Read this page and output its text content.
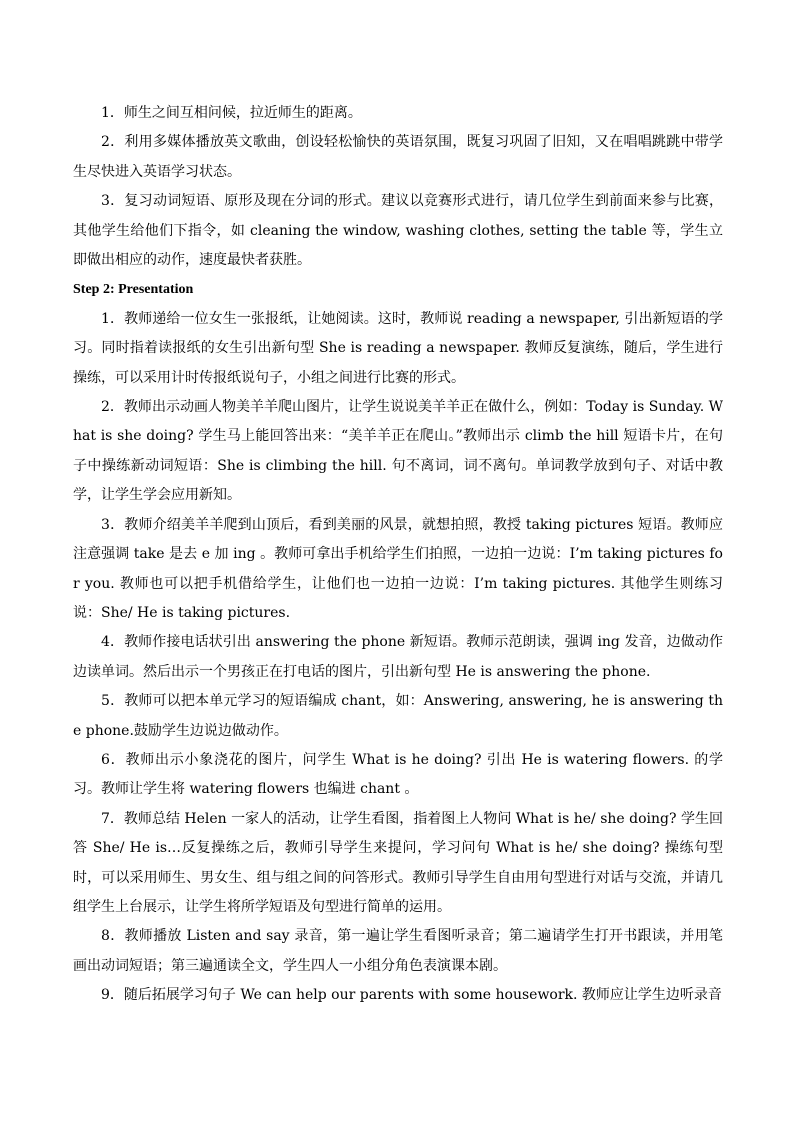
1．师生之间互相问候，拉近师生的距离。

2．利用多媒体播放英文歌曲，创设轻松愉快的英语氛围，既复习巩固了旧知，又在唱唱跳跳中带学生尽快进入英语学习状态。

3．复习动词短语、原形及现在分词的形式。建议以竞赛形式进行，请几位学生到前面来参与比赛，其他学生给他们下指令，如 cleaning the window, washing clothes, setting the table 等，学生立即做出相应的动作，速度最快者获胜。

Step 2: Presentation

1．教师递给一位女生一张报纸，让她阅读。这时，教师说 reading a newspaper, 引出新短语的学习。同时指着读报纸的女生引出新句型 She is reading a newspaper. 教师反复演练，随后，学生进行操练，可以采用计时传报纸说句子，小组之间进行比赛的形式。

2．教师出示动画人物美羊羊爬山图片，让学生说说美羊羊正在做什么，例如：Today is Sunday. What is she doing? 学生马上能回答出来：“美羊羊正在爬山。”教师出示 climb the hill 短语卡片，在句子中操练新动词短语：She is climbing the hill. 句不离词，词不离句。单词教学放到句子、对话中教学，让学生学会应用新知。

3．教师介绍美羊羊爬到山顶后，看到美丽的风景，就想拍照，教授 taking pictures 短语。教师应注意强调 take 是去 e 加 ing 。教师可拿出手机给学生们拍照，一边拍一边说：I’m taking pictures for you. 教师也可以把手机借给学生，让他们也一边拍一边说：I’m taking pictures. 其他学生则练习说：She/ He is taking pictures.

4．教师作接电话状引出 answering the phone 新短语。教师示范朗读，强调 ing 发音，边做动作边读单词。然后出示一个男孩正在打电话的图片，引出新句型 He is answering the phone.

5．教师可以把本单元学习的短语编成 chant，如：Answering, answering, he is answering the phone.鼓励学生边说边做动作。

6．教师出示小象浇花的图片，问学生 What is he doing? 引出 He is watering flowers. 的学习。教师让学生将 watering flowers 也编进 chant 。

7．教师总结 Helen 一家人的活动，让学生看图，指着图上人物问 What is he/ she doing? 学生回答 She/ He is…反复操练之后，教师引导学生来提问，学习问句 What is he/ she doing? 操练句型时，可以采用师生、男女生、组与组之间的问答形式。教师引导学生自由用句型进行对话与交流，并请几组学生上台展示，让学生将所学短语及句型进行简单的运用。

8．教师播放 Listen and say 录音，第一遍让学生看图听录音；第二遍请学生打开书跟读，并用笔画出动词短语；第三遍通读全文，学生四人一小组分角色表演课本剧。

9．随后拓展学习句子 We can help our parents with some housework. 教师应让学生边听录音
